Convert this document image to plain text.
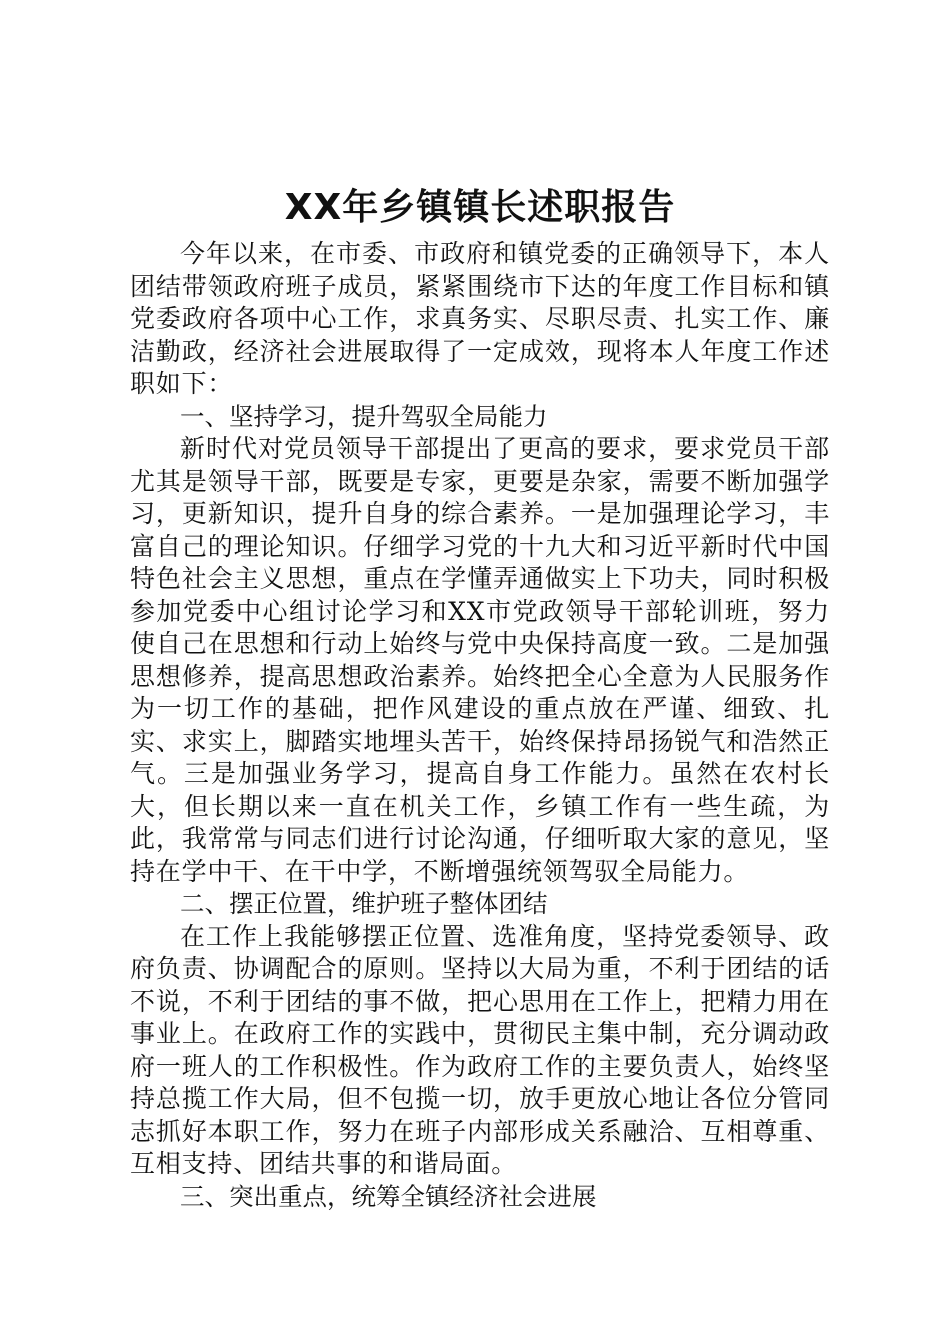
XX年乡镇镇长述职报告

今年以来，在市委、市政府和镇党委的正确领导下，本人团结带领政府班子成员，紧紧围绕市下达的年度工作目标和镇党委政府各项中心工作，求真务实、尽职尽责、扎实工作、廉洁勤政，经济社会进展取得了一定成效，现将本人年度工作述职如下：

一、坚持学习，提升驾驭全局能力

新时代对党员领导干部提出了更高的要求，要求党员干部尤其是领导干部，既要是专家，更要是杂家，需要不断加强学习，更新知识，提升自身的综合素养。一是加强理论学习，丰富自己的理论知识。仔细学习党的十九大和习近平新时代中国特色社会主义思想，重点在学懂弄通做实上下功夫，同时积极参加党委中心组讨论学习和XX市党政领导干部轮训班，努力使自己在思想和行动上始终与党中央保持高度一致。二是加强思想修养，提高思想政治素养。始终把全心全意为人民服务作为一切工作的基础，把作风建设的重点放在严谨、细致、扎实、求实上，脚踏实地埋头苦干，始终保持昂扬锐气和浩然正气。三是加强业务学习，提高自身工作能力。虽然在农村长大，但长期以来一直在机关工作，乡镇工作有一些生疏，为此，我常常与同志们进行讨论沟通，仔细听取大家的意见，坚持在学中干、在干中学，不断增强统领驾驭全局能力。

二、摆正位置，维护班子整体团结

在工作上我能够摆正位置、选准角度，坚持党委领导、政府负责、协调配合的原则。坚持以大局为重，不利于团结的话不说，不利于团结的事不做，把心思用在工作上，把精力用在事业上。在政府工作的实践中，贯彻民主集中制，充分调动政府一班人的工作积极性。作为政府工作的主要负责人，始终坚持总揽工作大局，但不包揽一切，放手更放心地让各位分管同志抓好本职工作，努力在班子内部形成关系融洽、互相尊重、互相支持、团结共事的和谐局面。

三、突出重点，统筹全镇经济社会进展
